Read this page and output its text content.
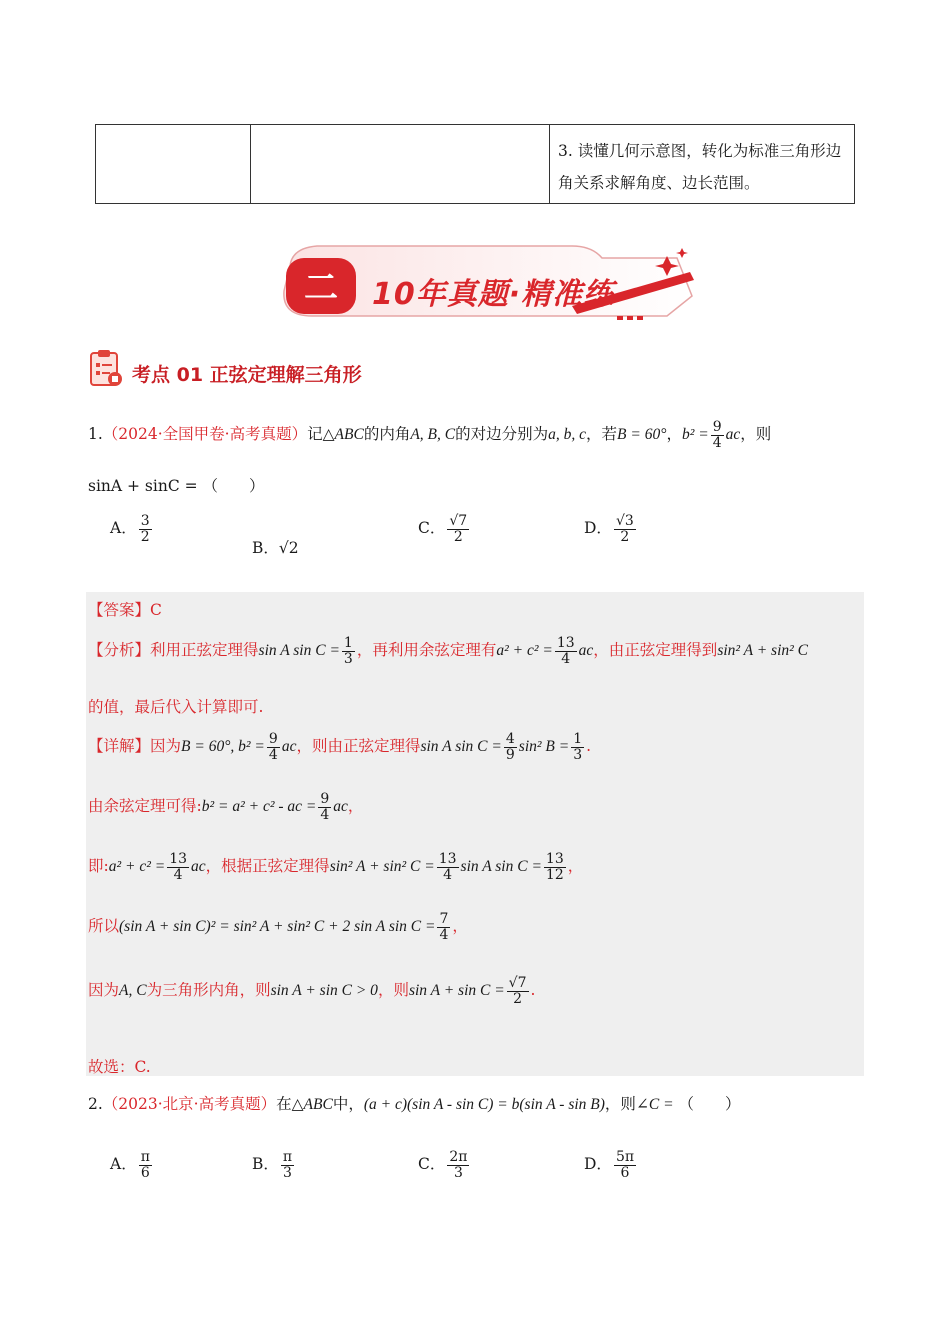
3. 读懂几何示意图，转化为标准三角形边角关系求解角度、边长范围。
二 10年真题·精准练
考点 01 正弦定理解三角形
1.（2024·全国甲卷·高考真题）记△ABC的内角A, B, C的对边分别为a, b, c，若B = 60°，$b^2 = \frac{9}{4}$ ac，则
sinA + sinC = （　　）
A． $\frac{3}{2}$
B．√2
C． $\frac{√7}{2}$	D． $\frac{√3}{2}$
【答案】C
【分析】利用正弦定理得sin A $\sin C = \frac{1}{3}$ ，再利用余弦定理有$a^2 + c^2 = \frac{13}{4}$ ac，由正弦定理得到sin² A + sin² C
的值，最后代入计算即可.
【详解】因为B = 60°, $b^2 = \frac{9}{4}$ ac，则由正弦定理得sin A $\sin C = \frac{4}{9} \sin^2$ $B = \frac{1}{3}$ .
由余弦定理可得:b² = a² + c² - ac = $\frac{9}{4}$ ac，
即:a² + $c^2 = \frac{13}{4}$ ac，根据正弦定理得sin² A + sin² $C = \frac{13}{4}$ sin A $\sin C = \frac{13}{12}$ ，
所以(sin A + sin C)² = sin² A + sin² C + 2 sin A $\sin C = \frac{7}{4}$ ，
因为A, C为三角形内角，则sin A + sin C > 0，则$\sin A + \sin C = \frac{√7}{2}$ .
故选：C.
2.（2023·北京·高考真题）在△ABC中，(a + c)(sin A - sin C) = b(sin A - sin B)，则∠C = （　　）
A． $\frac{\pi}{6}$	B． $\frac{\pi}{3}$	C． $\frac{2\pi}{3}$	D． $\frac{5\pi}{6}$
